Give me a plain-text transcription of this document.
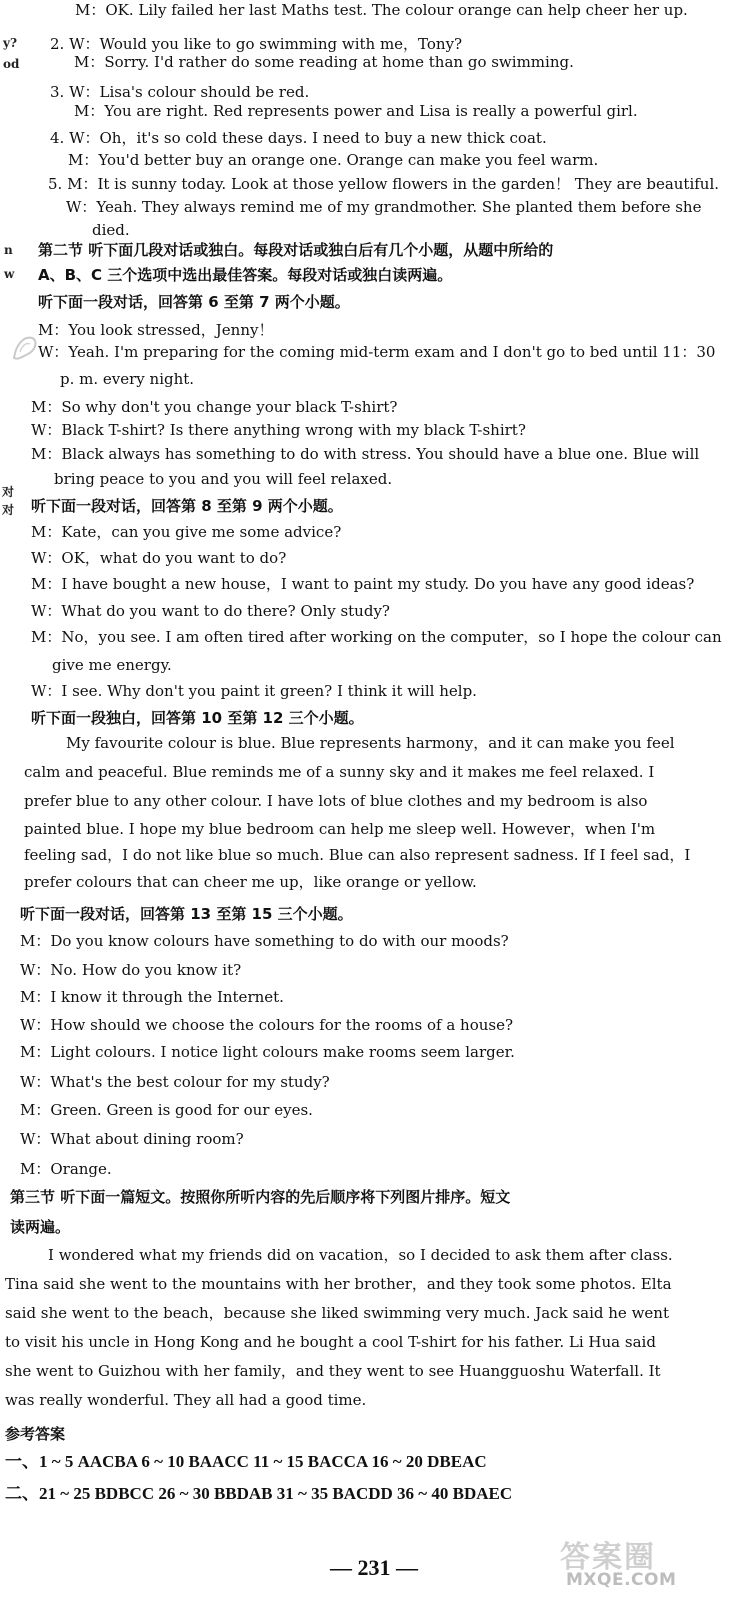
y?
od
n
w
对
对
M：OK. Lily failed her last Maths test. The colour orange can help cheer her up.
2. W：Would you like to go swimming with me，Tony?
M：Sorry. I'd rather do some reading at home than go swimming.
3. W：Lisa's colour should be red.
M：You are right. Red represents power and Lisa is really a powerful girl.
4. W：Oh，it's so cold these days. I need to buy a new thick coat.
M：You'd better buy an orange one. Orange can make you feel warm.
5. M：It is sunny today. Look at those yellow flowers in the garden！ They are beautiful.
W：Yeah. They always remind me of my grandmother. She planted them before she
died.
第二节 听下面几段对话或独白。每段对话或独白后有几个小题，从题中所给的
A、B、C 三个选项中选出最佳答案。每段对话或独白读两遍。
听下面一段对话，回答第 6 至第 7 两个小题。
M：You look stressed，Jenny！
W：Yeah. I'm preparing for the coming mid-term exam and I don't go to bed until 11：30
p. m. every night.
M：So why don't you change your black T-shirt?
W：Black T-shirt? Is there anything wrong with my black T-shirt?
M：Black always has something to do with stress. You should have a blue one. Blue will
bring peace to you and you will feel relaxed.
听下面一段对话，回答第 8 至第 9 两个小题。
M：Kate，can you give me some advice?
W：OK，what do you want to do?
M：I have bought a new house，I want to paint my study. Do you have any good ideas?
W：What do you want to do there? Only study?
M：No，you see. I am often tired after working on the computer，so I hope the colour can
give me energy.
W：I see. Why don't you paint it green? I think it will help.
听下面一段独白，回答第 10 至第 12 三个小题。
My favourite colour is blue. Blue represents harmony，and it can make you feel
calm and peaceful. Blue reminds me of a sunny sky and it makes me feel relaxed. I
prefer blue to any other colour. I have lots of blue clothes and my bedroom is also
painted blue. I hope my blue bedroom can help me sleep well. However，when I'm
feeling sad，I do not like blue so much. Blue can also represent sadness. If I feel sad，I
prefer colours that can cheer me up，like orange or yellow.
听下面一段对话，回答第 13 至第 15 三个小题。
M：Do you know colours have something to do with our moods?
W：No. How do you know it?
M：I know it through the Internet.
W：How should we choose the colours for the rooms of a house?
M：Light colours. I notice light colours make rooms seem larger.
W：What's the best colour for my study?
M：Green. Green is good for our eyes.
W：What about dining room?
M：Orange.
第三节 听下面一篇短文。按照你所听内容的先后顺序将下列图片排序。短文
读两遍。
I wondered what my friends did on vacation，so I decided to ask them after class.
Tina said she went to the mountains with her brother，and they took some photos. Elta
said she went to the beach，because she liked swimming very much. Jack said he went
to visit his uncle in Hong Kong and he bought a cool T-shirt for his father. Li Hua said
she went to Guizhou with her family，and they went to see Huangguoshu Waterfall. It
was really wonderful. They all had a good time.
参考答案
一、1 ~ 5 AACBA 6 ~ 10 BAACC 11 ~ 15 BACCA 16 ~ 20 DBEAC
二、21 ~ 25 BDBCC 26 ~ 30 BBDAB 31 ~ 35 BACDD 36 ~ 40 BDAEC
— 231 —	答案圈
MXQE.COM
